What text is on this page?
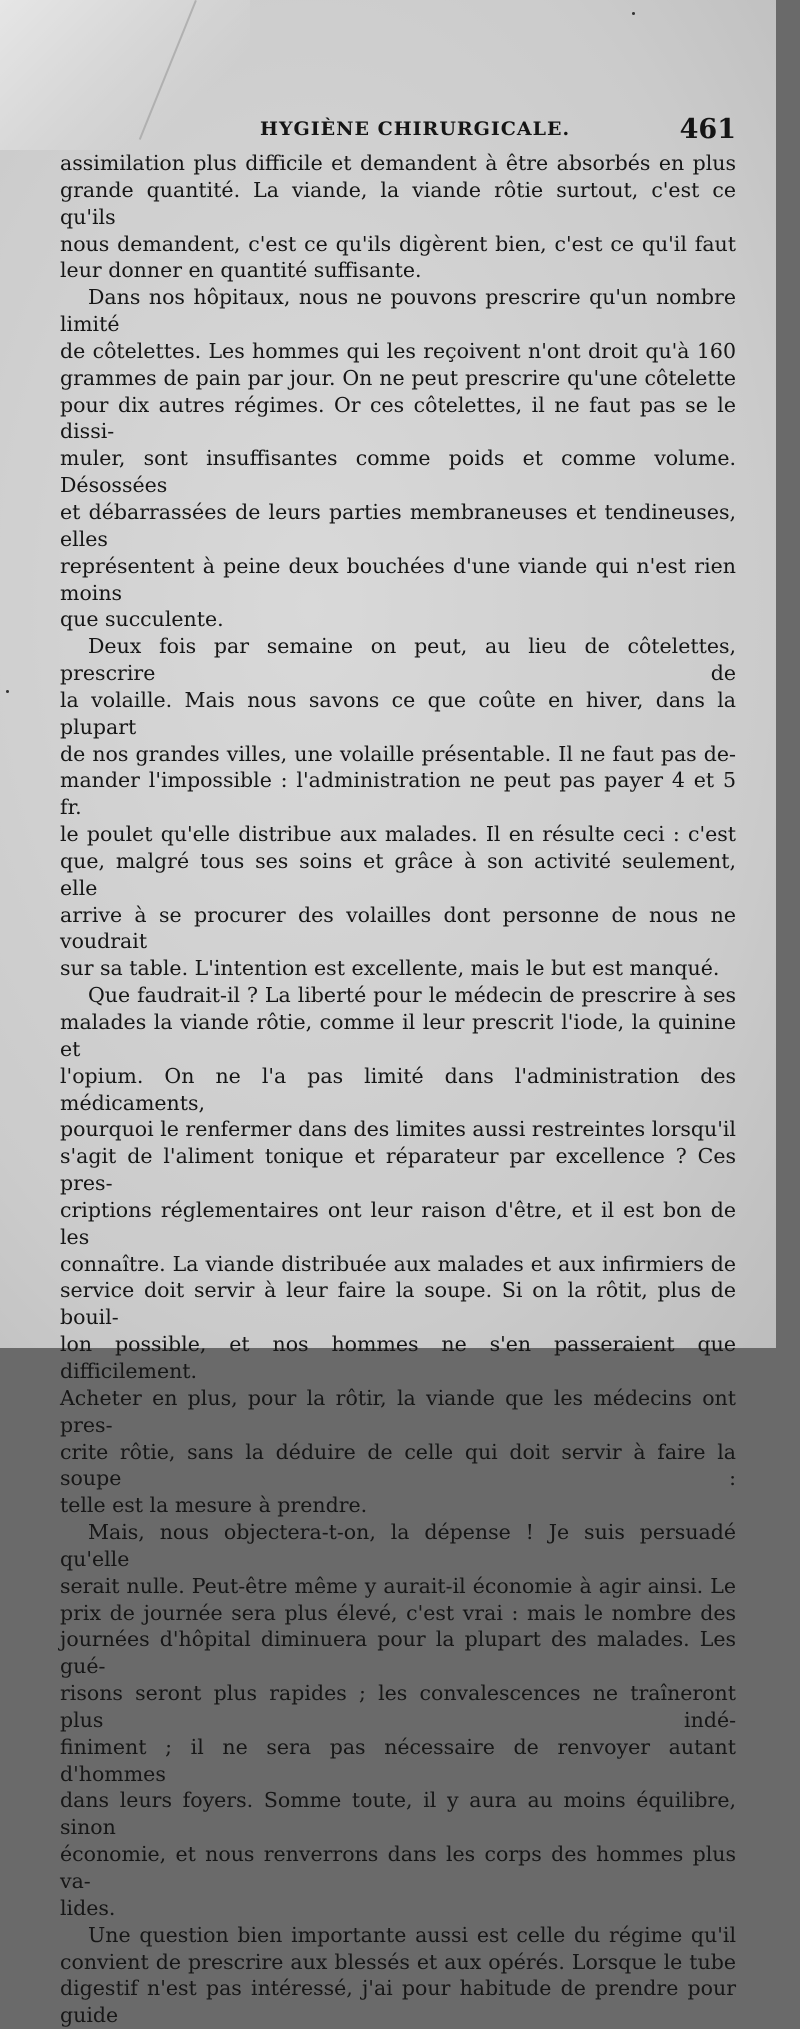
HYGIÈNE CHIRURGICALE.	461

assimilation plus difficile et demandent à être absorbés en plus

grande quantité. La viande, la viande rôtie surtout, c'est ce qu'ils

nous demandent, c'est ce qu'ils digèrent bien, c'est ce qu'il faut

leur donner en quantité suffisante.

Dans nos hôpitaux, nous ne pouvons prescrire qu'un nombre limité

de côtelettes. Les hommes qui les reçoivent n'ont droit qu'à 160

grammes de pain par jour. On ne peut prescrire qu'une côtelette

pour dix autres régimes. Or ces côtelettes, il ne faut pas se le dissi-

muler, sont insuffisantes comme poids et comme volume. Désossées

et débarrassées de leurs parties membraneuses et tendineuses, elles

représentent à peine deux bouchées d'une viande qui n'est rien moins

que succulente.

Deux fois par semaine on peut, au lieu de côtelettes, prescrire de

la volaille. Mais nous savons ce que coûte en hiver, dans la plupart

de nos grandes villes, une volaille présentable. Il ne faut pas de-

mander l'impossible : l'administration ne peut pas payer 4 et 5 fr.

le poulet qu'elle distribue aux malades. Il en résulte ceci : c'est

que, malgré tous ses soins et grâce à son activité seulement, elle

arrive à se procurer des volailles dont personne de nous ne voudrait

sur sa table. L'intention est excellente, mais le but est manqué.

Que faudrait-il ? La liberté pour le médecin de prescrire à ses

malades la viande rôtie, comme il leur prescrit l'iode, la quinine et

l'opium. On ne l'a pas limité dans l'administration des médicaments,

pourquoi le renfermer dans des limites aussi restreintes lorsqu'il

s'agit de l'aliment tonique et réparateur par excellence ? Ces pres-

criptions réglementaires ont leur raison d'être, et il est bon de les

connaître. La viande distribuée aux malades et aux infirmiers de

service doit servir à leur faire la soupe. Si on la rôtit, plus de bouil-

lon possible, et nos hommes ne s'en passeraient que difficilement.

Acheter en plus, pour la rôtir, la viande que les médecins ont pres-

crite rôtie, sans la déduire de celle qui doit servir à faire la soupe :

telle est la mesure à prendre.

Mais, nous objectera-t-on, la dépense ! Je suis persuadé qu'elle

serait nulle. Peut-être même y aurait-il économie à agir ainsi. Le

prix de journée sera plus élevé, c'est vrai : mais le nombre des

journées d'hôpital diminuera pour la plupart des malades. Les gué-

risons seront plus rapides ; les convalescences ne traîneront plus indé-

finiment ; il ne sera pas nécessaire de renvoyer autant d'hommes

dans leurs foyers. Somme toute, il y aura au moins équilibre, sinon

économie, et nous renverrons dans les corps des hommes plus va-

lides.

Une question bien importante aussi est celle du régime qu'il

convient de prescrire aux blessés et aux opérés. Lorsque le tube

digestif n'est pas intéressé, j'ai pour habitude de prendre pour guide
